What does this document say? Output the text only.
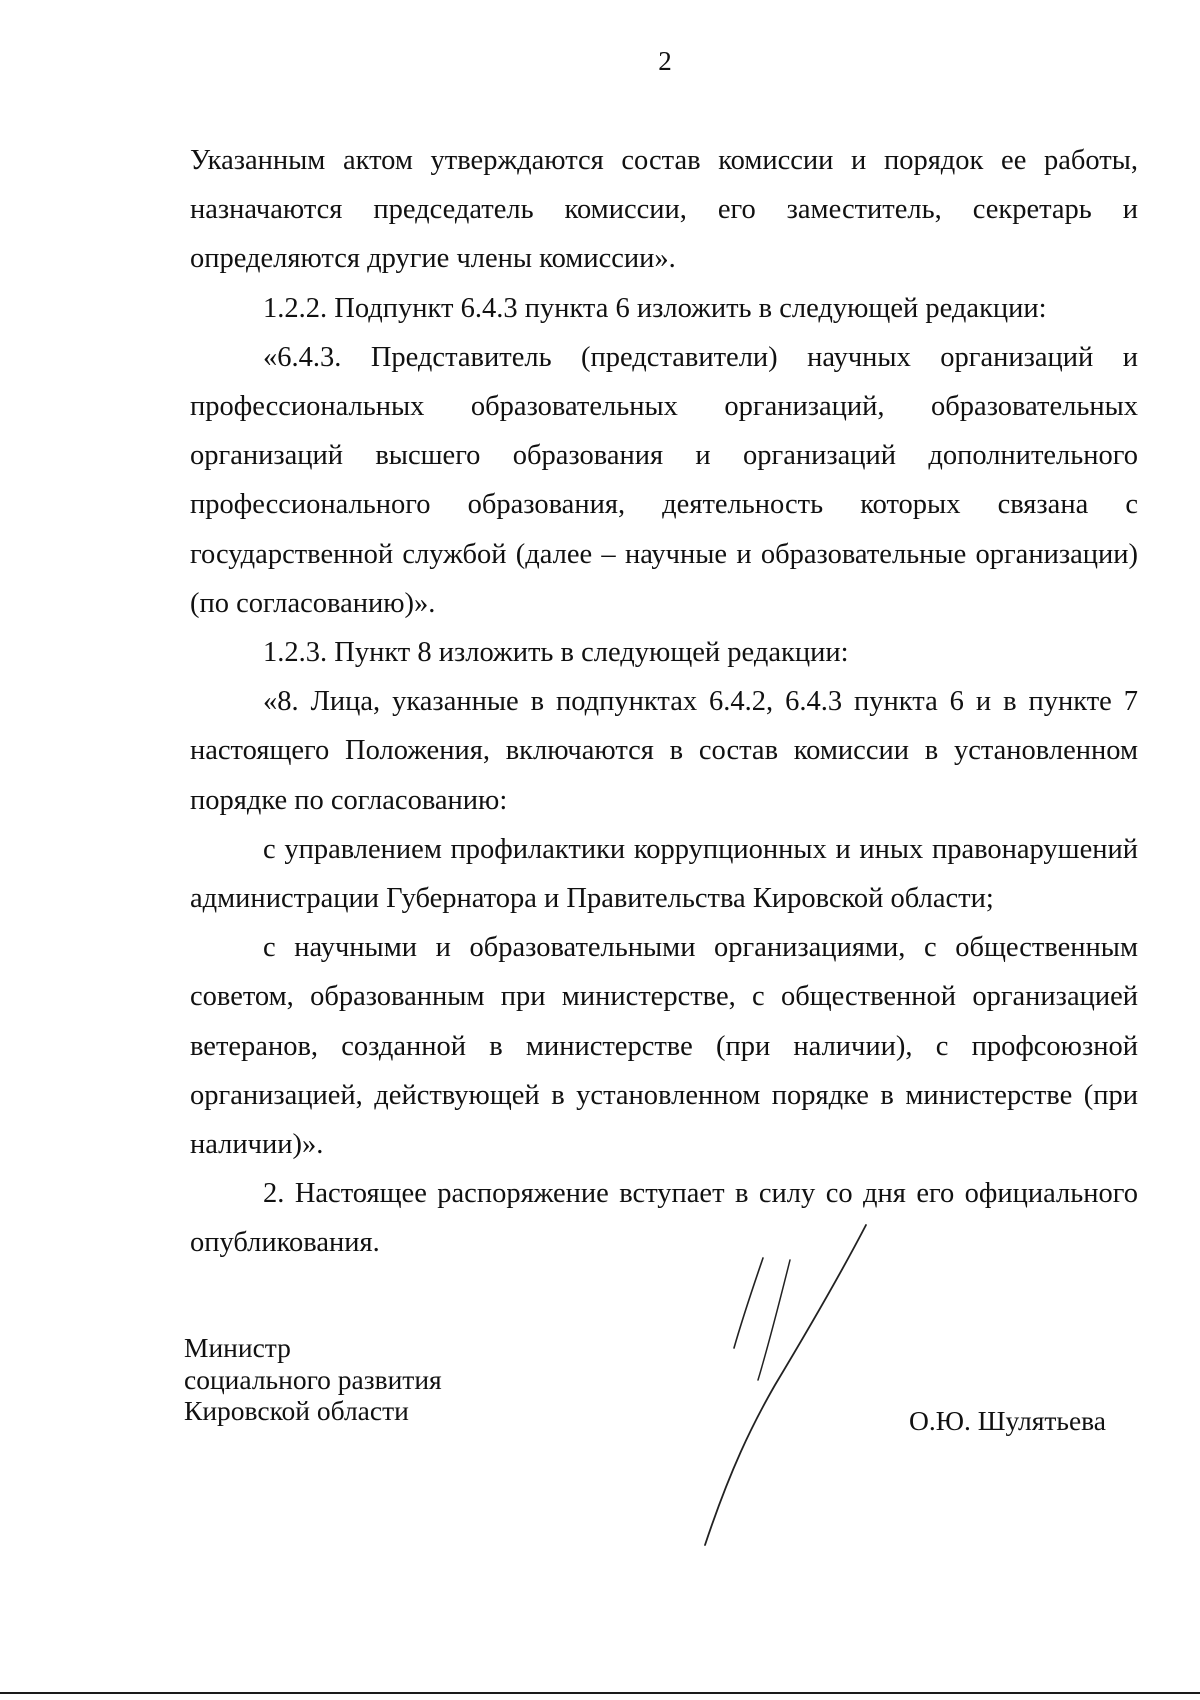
2

Указанным актом утверждаются состав комиссии и порядок ее работы, назначаются председатель комиссии, его заместитель, секретарь и определяются другие члены комиссии».

1.2.2. Подпункт 6.4.3 пункта 6 изложить в следующей редакции:

«6.4.3. Представитель (представители) научных организаций и профессиональных образовательных организаций, образовательных организаций высшего образования и организаций дополнительного профессионального образования, деятельность которых связана с государственной службой (далее – научные и образовательные организации) (по согласованию)».

1.2.3. Пункт 8 изложить в следующей редакции:

«8. Лица, указанные в подпунктах 6.4.2, 6.4.3 пункта 6 и в пункте 7 настоящего Положения, включаются в состав комиссии в установленном порядке по согласованию:

с управлением профилактики коррупционных и иных правонарушений администрации Губернатора и Правительства Кировской области;

с научными и образовательными организациями, с общественным советом, образованным при министерстве, с общественной организацией ветеранов, созданной в министерстве (при наличии), с профсоюзной организацией, действующей в установленном порядке в министерстве (при наличии)».

2. Настоящее распоряжение вступает в силу со дня его официального опубликования.

Министр
социального развития
Кировской области	О.Ю. Шулятьева
